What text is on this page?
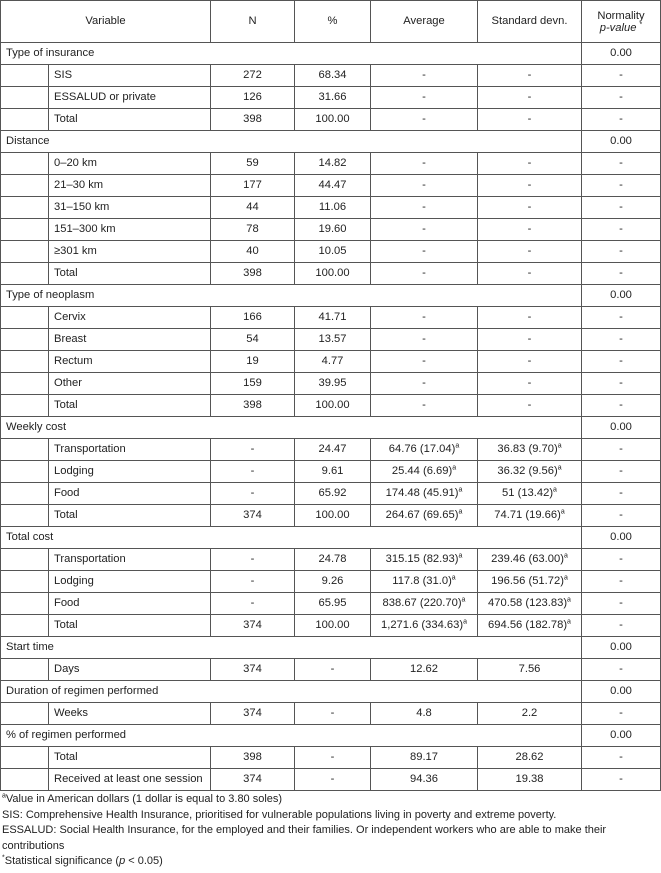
Variable		N	%	Average	Standard devn.	Normality
p-value *
Type of insurance						0.00
	SIS	272	68.34	-	-	-
	ESSALUD or private	126	31.66	-	-	-
	Total	398	100.00	-	-	-
Distance						0.00
	0–20 km	59	14.82	-	-	-
	21–30 km	177	44.47	-	-	-
	31–150 km	44	11.06	-	-	-
	151–300 km	78	19.60	-	-	-
	≥301 km	40	10.05	-	-	-
	Total	398	100.00	-	-	-
Type of neoplasm						0.00
	Cervix	166	41.71	-	-	-
	Breast	54	13.57	-	-	-
	Rectum	19	4.77	-	-	-
	Other	159	39.95	-	-	-
	Total	398	100.00	-	-	-
Weekly cost						0.00
	Transportation	-	24.47	64.76 $(17.04)^a$	36.83 $(9.70)^a$	-
	Lodging	-	9.61	25.44 $(6.69)^a$	36.32 $(9.56)^a$	-
	Food	-	65.92	174.48 $(45.91)^a$	51 $(13.42)^a$	-
	Total	374	100.00	264.67 $(69.65)^a$	74.71 $(19.66)^a$	-
Total cost						0.00
	Transportation	-	24.78	315.15 $(82.93)^a$	239.46 $(63.00)^a$	-
	Lodging	-	9.26	117.8 $(31.0)^a$	196.56 $(51.72)^a$	-
	Food	-	65.95	838.67 $(220.70)^a$	470.58 $(123.83)^a$	-
	Total	374	100.00	1,271.6 $(334.63)^a$	694.56 $(182.78)^a$	-
Start time						0.00
	Days	374	-	12.62	7.56	-
Duration of regimen performed						0.00
	Weeks	374	-	4.8	2.2	-
% of regimen performed						0.00
	Total	398	-	89.17	28.62	-
	Received at least one session	374	-	94.36	19.38	-
$^a$Value in American dollars (1 dollar is equal to 3.80 soles)
SIS: Comprehensive Health Insurance, prioritised for vulnerable populations living in poverty and extreme poverty.
ESSALUD: Social Health Insurance, for the employed and their families. Or independent workers who are able to make their contributions
*Statistical significance (p < 0.05)
